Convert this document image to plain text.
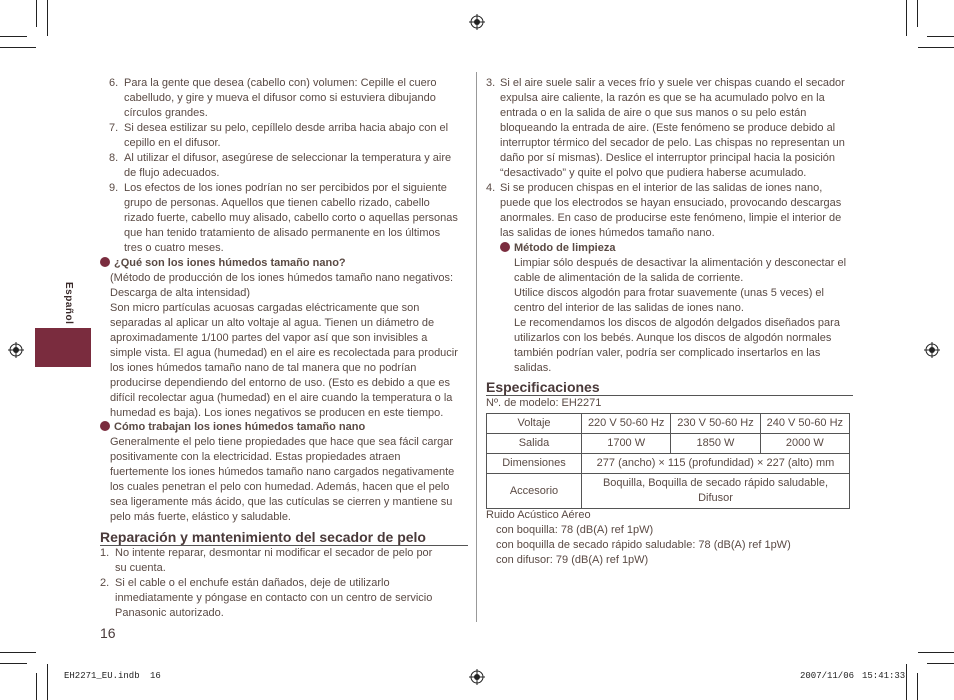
Español
6. Para la gente que desea (cabello con) volumen: Cepille el cuero
cabelludo, y gire y mueva el difusor como si estuviera dibujando
círculos grandes.
7. Si desea estilizar su pelo, cepíllelo desde arriba hacia abajo con el
cepillo en el difusor.
8. Al utilizar el difusor, asegúrese de seleccionar la temperatura y aire
de flujo adecuados.
9. Los efectos de los iones podrían no ser percibidos por el siguiente
grupo de personas. Aquellos que tienen cabello rizado, cabello
rizado fuerte, cabello muy alisado, cabello corto o aquellas personas
que han tenido tratamiento de alisado permanente en los últimos
tres o cuatro meses.
¿Qué son los iones húmedos tamaño nano?
(Método de producción de los iones húmedos tamaño nano negativos:
Descarga de alta intensidad)
Son micro partículas acuosas cargadas eléctricamente que son
separadas al aplicar un alto voltaje al agua. Tienen un diámetro de
aproximadamente 1/100 partes del vapor así que son invisibles a
simple vista. El agua (humedad) en el aire es recolectada para producir
los iones húmedos tamaño nano de tal manera que no podrían
producirse dependiendo del entorno de uso. (Esto es debido a que es
difícil recolectar agua (humedad) en el aire cuando la temperatura o la
humedad es baja). Los iones negativos se producen en este tiempo.
Cómo trabajan los iones húmedos tamaño nano
Generalmente el pelo tiene propiedades que hace que sea fácil cargar
positivamente con la electricidad. Estas propiedades atraen
fuertemente los iones húmedos tamaño nano cargados negativamente
los cuales penetran el pelo con humedad. Además, hacen que el pelo
sea ligeramente más ácido, que las cutículas se cierren y mantiene su
pelo más fuerte, elástico y saludable.
Reparación y mantenimiento del secador de pelo
1. No intente reparar, desmontar ni modificar el secador de pelo por
su cuenta.
2. Si el cable o el enchufe están dañados, deje de utilizarlo
inmediatamente y póngase en contacto con un centro de servicio
Panasonic autorizado.
16
3. Si el aire suele salir a veces frío y suele ver chispas cuando el secador
expulsa aire caliente, la razón es que se ha acumulado polvo en la
entrada o en la salida de aire o que sus manos o su pelo están
bloqueando la entrada de aire. (Este fenómeno se produce debido al
interruptor térmico del secador de pelo. Las chispas no representan un
daño por sí mismas). Deslice el interruptor principal hacia la posición
“desactivado” y quite el polvo que pudiera haberse acumulado.
4. Si se producen chispas en el interior de las salidas de iones nano,
puede que los electrodos se hayan ensuciado, provocando descargas
anormales. En caso de producirse este fenómeno, limpie el interior de
las salidas de iones húmedos tamaño nano.
Método de limpieza
Limpiar sólo después de desactivar la alimentación y desconectar el
cable de alimentación de la salida de corriente.
Utilice discos algodón para frotar suavemente (unas 5 veces) el
centro del interior de las salidas de iones nano.
Le recomendamos los discos de algodón delgados diseñados para
utilizarlos con los bebés. Aunque los discos de algodón normales
también podrían valer, podría ser complicado insertarlos en las
salidas.
Especificaciones
Nº. de modelo: EH2271
Voltaje	220 V 50-60 Hz	230 V 50-60 Hz	240 V 50-60 Hz
Salida	1700 W	1850 W	2000 W
Dimensiones	277 (ancho) × 115 (profundidad) × 227 (alto) mm		
Accesorio	Boquilla, Boquilla de secado rápido saludable, Difusor		
Ruido Acústico Aéreo
con boquilla: 78 (dB(A) ref 1pW)
con boquilla de secado rápido saludable: 78 (dB(A) ref 1pW)
con difusor: 79 (dB(A) ref 1pW)
EH2271_EU.indb 16	2007/11/06 15:41:33
